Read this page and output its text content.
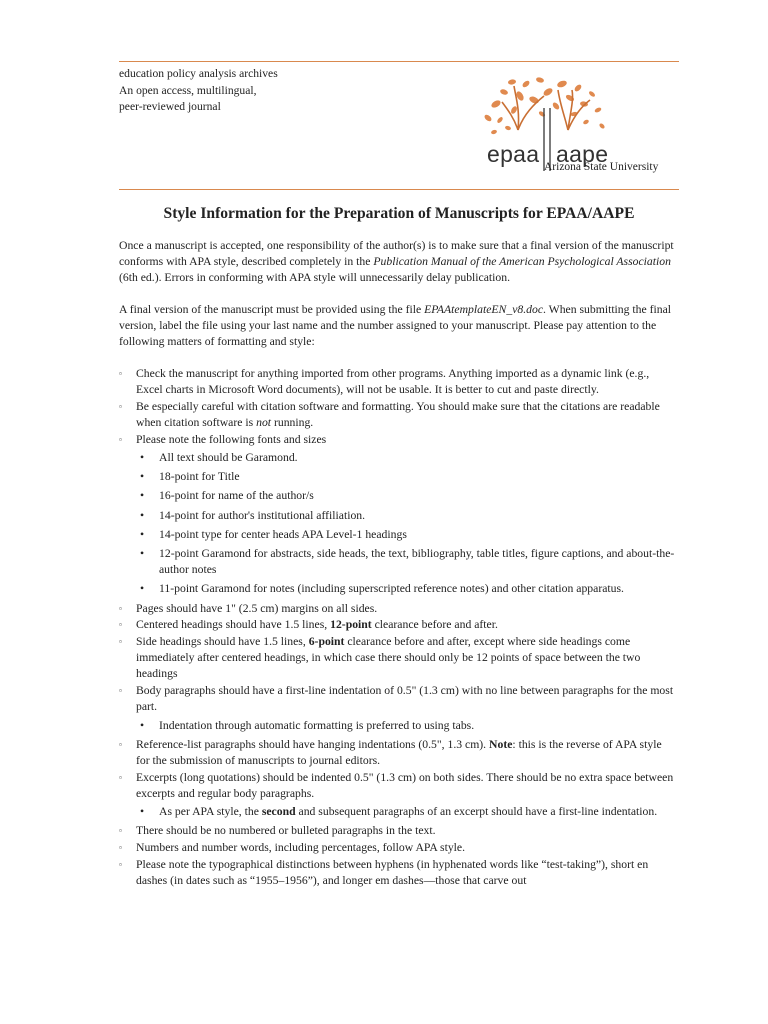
education policy analysis archives
An open access, multilingual,
peer-reviewed journal
epaa aape
Arizona State University
Style Information for the Preparation of Manuscripts for EPAA/AAPE

Once a manuscript is accepted, one responsibility of the author(s) is to make sure that a final version of the manuscript conforms with APA style, described completely in the Publication Manual of the American Psychological Association (6th ed.). Errors in conforming with APA style will unnecessarily delay publication.

A final version of the manuscript must be provided using the file EPAAtemplateEN_v8.doc. When submitting the final version, label the file using your last name and the number assigned to your manuscript. Please pay attention to the following matters of formatting and style:

▫ Check the manuscript for anything imported from other programs. Anything imported as a dynamic link (e.g., Excel charts in Microsoft Word documents), will not be usable. It is better to cut and paste directly.
▫ Be especially careful with citation software and formatting. You should make sure that the citations are readable when citation software is not running.
▫ Please note the following fonts and sizes
• All text should be Garamond.
• 18-point for Title
• 16-point for name of the author/s
• 14-point for author's institutional affiliation.
• 14-point type for center heads APA Level-1 headings
• 12-point Garamond for abstracts, side heads, the text, bibliography, table titles, figure captions, and about-the-author notes
• 11-point Garamond for notes (including superscripted reference notes) and other citation apparatus.
▫ Pages should have 1" (2.5 cm) margins on all sides.
▫ Centered headings should have 1.5 lines, 12-point clearance before and after.
▫ Side headings should have 1.5 lines, 6-point clearance before and after, except where side headings come immediately after centered headings, in which case there should only be 12 points of space between the two headings
▫ Body paragraphs should have a first-line indentation of 0.5" (1.3 cm) with no line between paragraphs for the most part.
• Indentation through automatic formatting is preferred to using tabs.
▫ Reference-list paragraphs should have hanging indentations (0.5", 1.3 cm). Note: this is the reverse of APA style for the submission of manuscripts to journal editors.
▫ Excerpts (long quotations) should be indented 0.5" (1.3 cm) on both sides. There should be no extra space between excerpts and regular body paragraphs.
• As per APA style, the second and subsequent paragraphs of an excerpt should have a first-line indentation.
▫ There should be no numbered or bulleted paragraphs in the text.
▫ Numbers and number words, including percentages, follow APA style.
▫ Please note the typographical distinctions between hyphens (in hyphenated words like “test-taking”), short en dashes (in dates such as “1955–1956”), and longer em dashes—those that carve out
